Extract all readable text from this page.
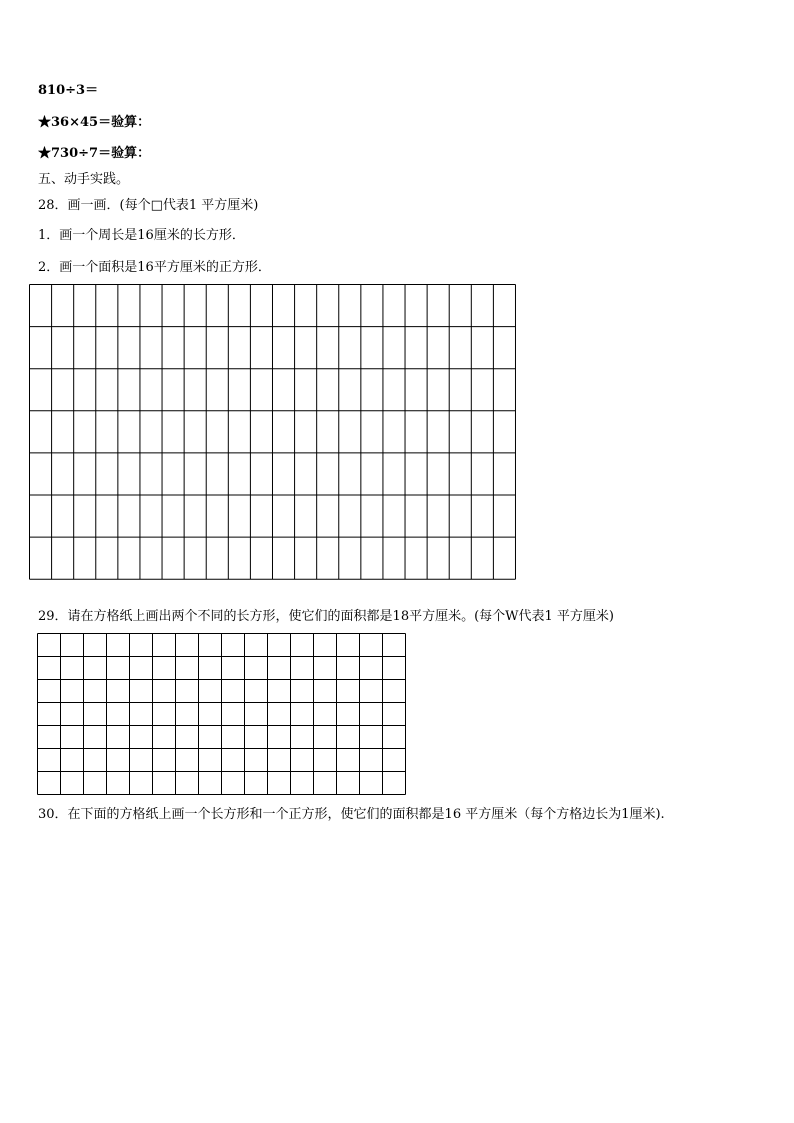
810÷3＝

★36×45＝验算：

★730÷7＝验算：

五、动手实践。

28．画一画．(每个□代表1 平方厘米)

1．画一个周长是16厘米的长方形．

2．画一个面积是16平方厘米的正方形．

29．请在方格纸上画出两个不同的长方形，使它们的面积都是18平方厘米。(每个W代表1 平方厘米)

30．在下面的方格纸上画一个长方形和一个正方形，使它们的面积都是16 平方厘米（每个方格边长为1厘米).
